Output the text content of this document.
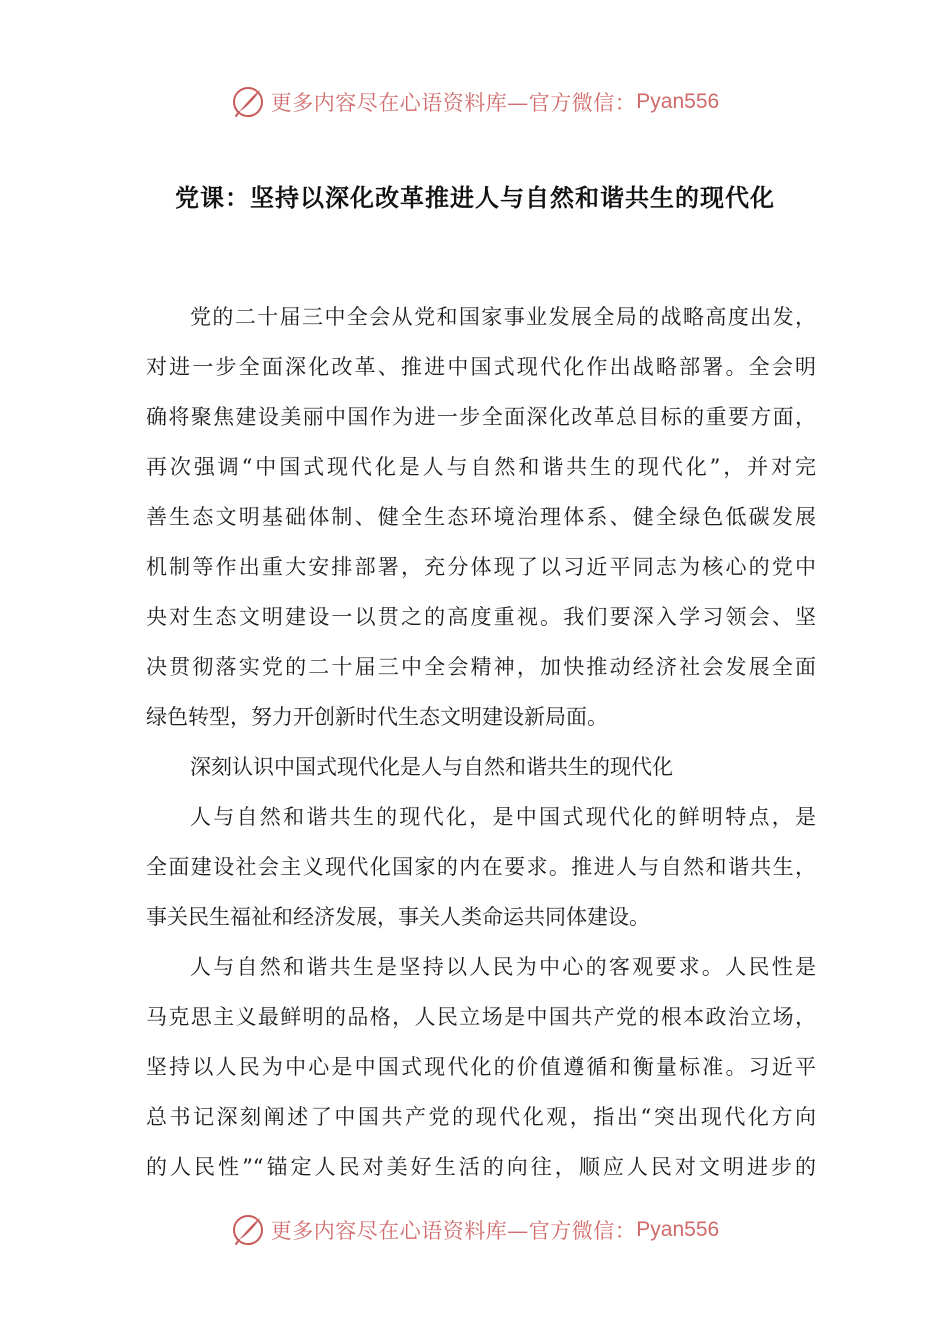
更多内容尽在心语资料库—官方微信： Pyan556
党课：坚持以深化改革推进人与自然和谐共生的现代化
党的二十届三中全会从党和国家事业发展全局的战略高度出发，
对进一步全面深化改革、推进中国式现代化作出战略部署。全会明
确将聚焦建设美丽中国作为进一步全面深化改革总目标的重要方面，
再次强调“中国式现代化是人与自然和谐共生的现代化”，并对完
善生态文明基础体制、健全生态环境治理体系、健全绿色低碳发展
机制等作出重大安排部署，充分体现了以习近平同志为核心的党中
央对生态文明建设一以贯之的高度重视。我们要深入学习领会、坚
决贯彻落实党的二十届三中全会精神，加快推动经济社会发展全面
绿色转型，努力开创新时代生态文明建设新局面。
深刻认识中国式现代化是人与自然和谐共生的现代化
人与自然和谐共生的现代化，是中国式现代化的鲜明特点，是
全面建设社会主义现代化国家的内在要求。推进人与自然和谐共生，
事关民生福祉和经济发展，事关人类命运共同体建设。
人与自然和谐共生是坚持以人民为中心的客观要求。人民性是
马克思主义最鲜明的品格，人民立场是中国共产党的根本政治立场，
坚持以人民为中心是中国式现代化的价值遵循和衡量标准。习近平
总书记深刻阐述了中国共产党的现代化观，指出“突出现代化方向
的人民性”“锚定人民对美好生活的向往，顺应人民对文明进步的
更多内容尽在心语资料库—官方微信： Pyan556
